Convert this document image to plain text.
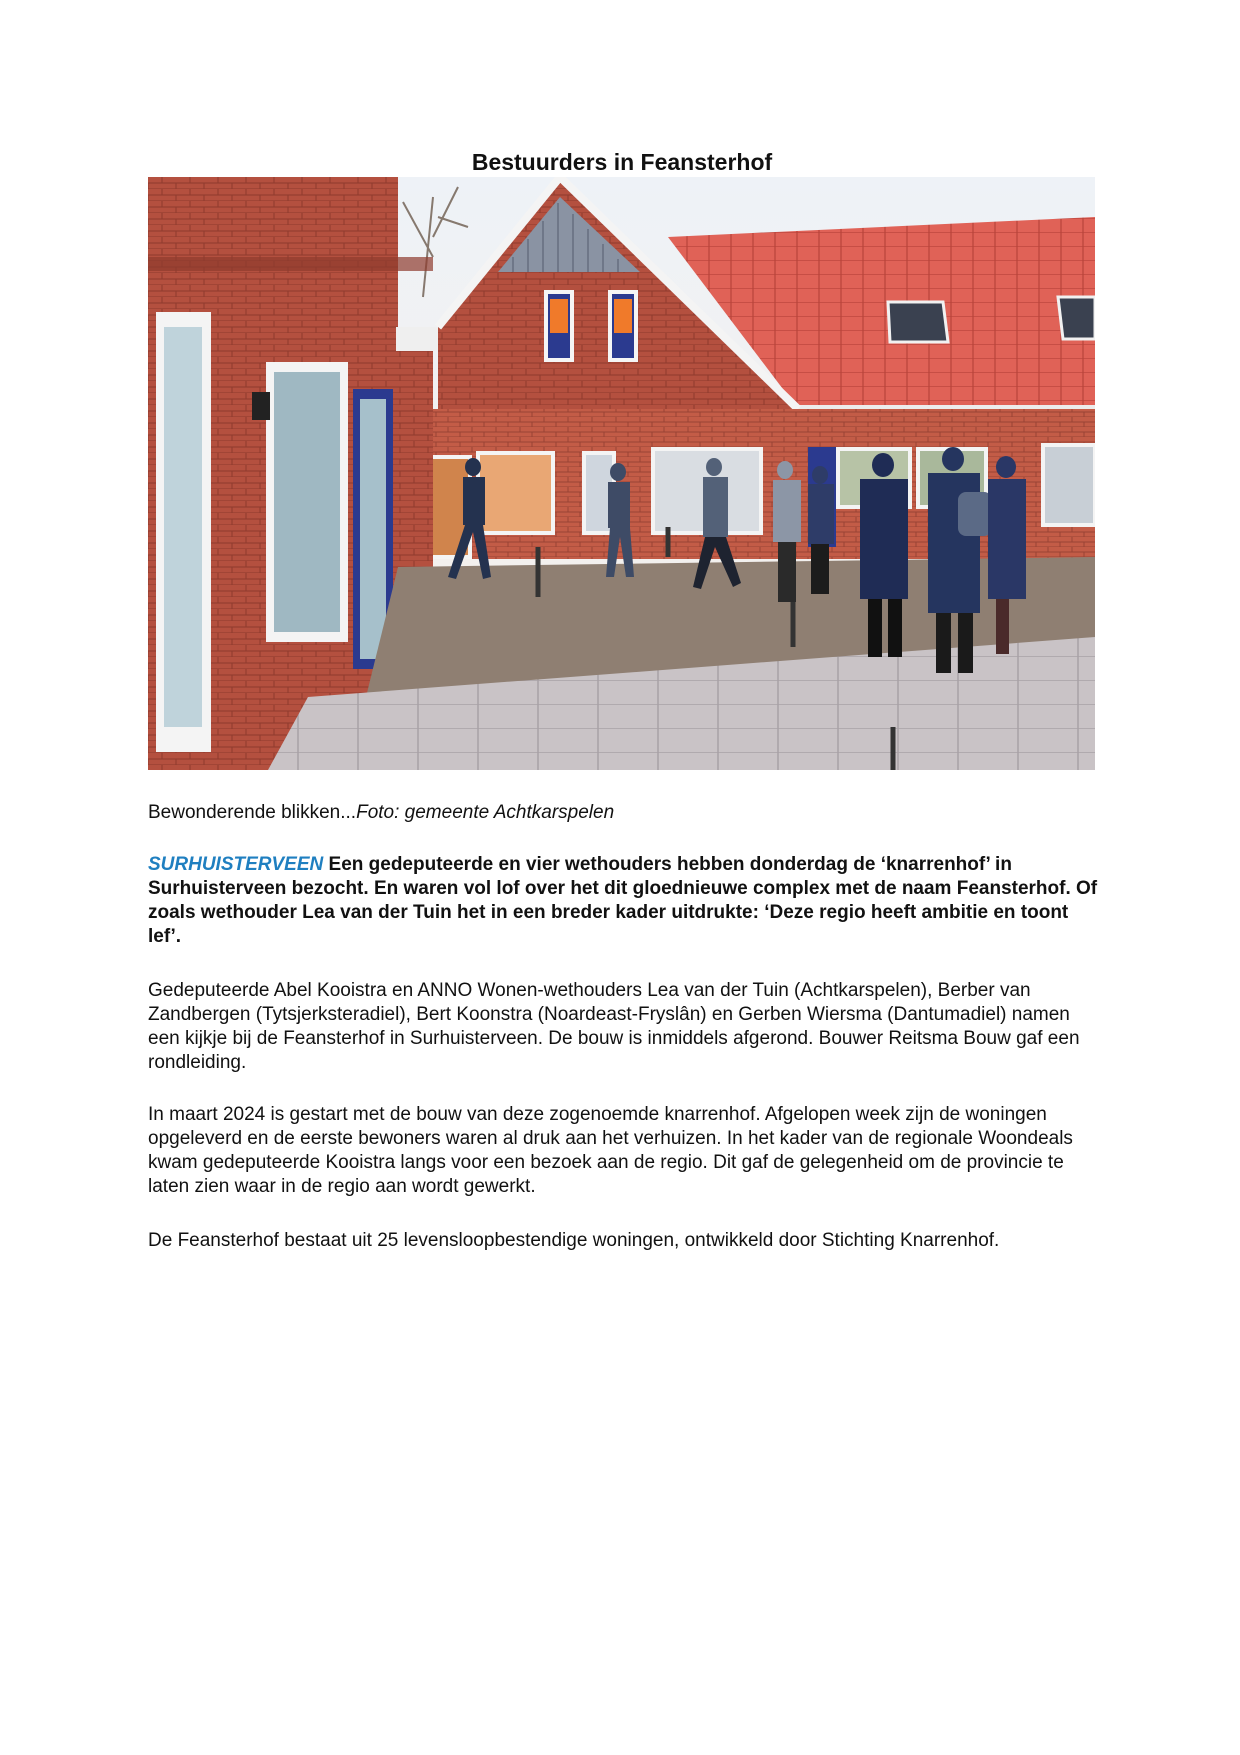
Bestuurders in Feansterhof

Bewonderende blikken...Foto: gemeente Achtkarspelen

SURHUISTERVEEN Een gedeputeerde en vier wethouders hebben donderdag de ‘knarrenhof’ in Surhuisterveen bezocht. En waren vol lof over het dit gloednieuwe complex met de naam Feansterhof. Of zoals wethouder Lea van der Tuin het in een breder kader uitdrukte: ‘Deze regio heeft ambitie en toont lef’.

Gedeputeerde Abel Kooistra en ANNO Wonen-wethouders Lea van der Tuin (Achtkarspelen), Berber van Zandbergen (Tytsjerksteradiel), Bert Koonstra (Noardeast-Fryslân) en Gerben Wiersma (Dantumadiel) namen een kijkje bij de Feansterhof in Surhuisterveen. De bouw is inmiddels afgerond. Bouwer Reitsma Bouw gaf een rondleiding.

In maart 2024 is gestart met de bouw van deze zogenoemde knarrenhof. Afgelopen week zijn de woningen opgeleverd en de eerste bewoners waren al druk aan het verhuizen. In het kader van de regionale Woondeals kwam gedeputeerde Kooistra langs voor een bezoek aan de regio. Dit gaf de gelegenheid om de provincie te laten zien waar in de regio aan wordt gewerkt.

De Feansterhof bestaat uit 25 levensloopbestendige woningen, ontwikkeld door Stichting Knarrenhof.
